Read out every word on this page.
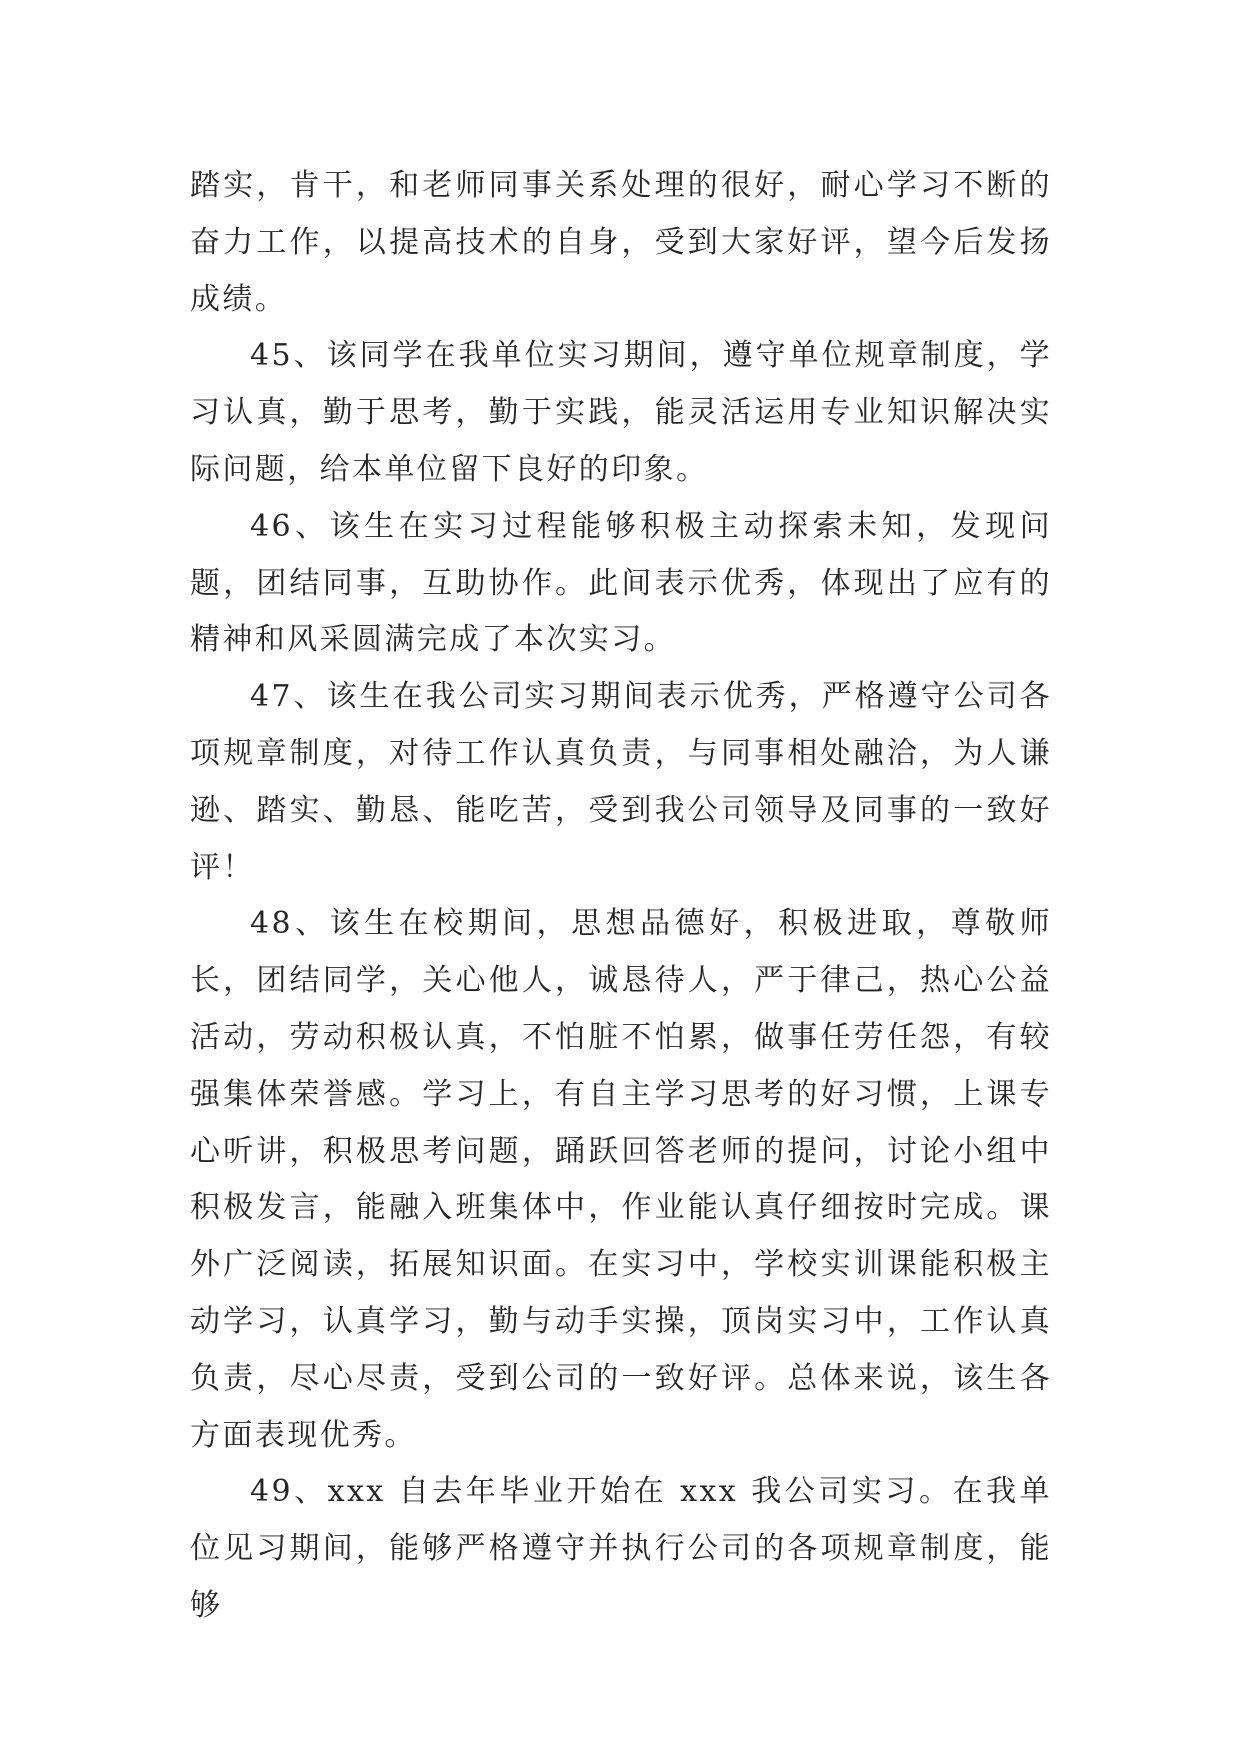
踏实，肯干，和老师同事关系处理的很好，耐心学习不断的奋力工作，以提高技术的自身，受到大家好评，望今后发扬成绩。

45、该同学在我单位实习期间，遵守单位规章制度，学习认真，勤于思考，勤于实践，能灵活运用专业知识解决实际问题，给本单位留下良好的印象。

46、该生在实习过程能够积极主动探索未知，发现问题，团结同事，互助协作。此间表示优秀，体现出了应有的精神和风采圆满完成了本次实习。

47、该生在我公司实习期间表示优秀，严格遵守公司各项规章制度，对待工作认真负责，与同事相处融洽，为人谦逊、踏实、勤恳、能吃苦，受到我公司领导及同事的一致好评！

48、该生在校期间，思想品德好，积极进取，尊敬师长，团结同学，关心他人，诚恳待人，严于律己，热心公益活动，劳动积极认真，不怕脏不怕累，做事任劳任怨，有较强集体荣誉感。学习上，有自主学习思考的好习惯，上课专心听讲，积极思考问题，踊跃回答老师的提问，讨论小组中积极发言，能融入班集体中，作业能认真仔细按时完成。课外广泛阅读，拓展知识面。在实习中，学校实训课能积极主动学习，认真学习，勤与动手实操，顶岗实习中，工作认真负责，尽心尽责，受到公司的一致好评。总体来说，该生各方面表现优秀。

49、xxx 自去年毕业开始在 xxx 我公司实习。在我单位见习期间，能够严格遵守并执行公司的各项规章制度，能够
